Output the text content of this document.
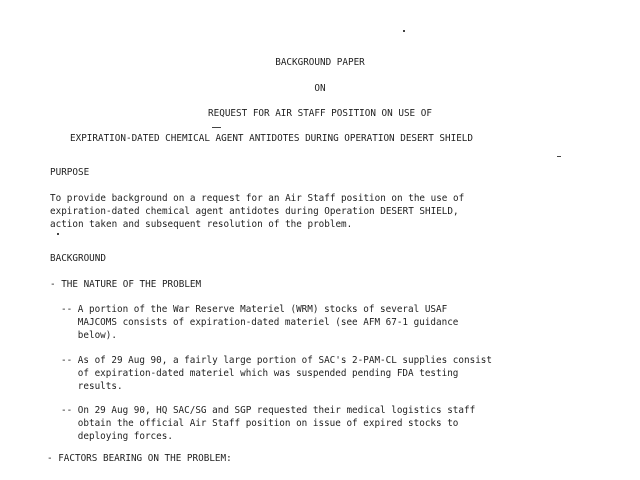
BACKGROUND PAPER
ON
REQUEST FOR AIR STAFF POSITION ON USE OF
EXPIRATION-DATED CHEMICAL AGENT ANTIDOTES DURING OPERATION DESERT SHIELD
PURPOSE
To provide background on a request for an Air Staff position on the use of
expiration-dated chemical agent antidotes during Operation DESERT SHIELD,
action taken and subsequent resolution of the problem.
BACKGROUND
- THE NATURE OF THE PROBLEM
-- A portion of the War Reserve Materiel (WRM) stocks of several USAF
MAJCOMS consists of expiration-dated materiel (see AFM 67-1 guidance
below).
-- As of 29 Aug 90, a fairly large portion of SAC's 2-PAM-CL supplies consist
of expiration-dated materiel which was suspended pending FDA testing
results.
-- On 29 Aug 90, HQ SAC/SG and SGP requested their medical logistics staff
obtain the official Air Staff position on issue of expired stocks to
deploying forces.
- FACTORS BEARING ON THE PROBLEM:
